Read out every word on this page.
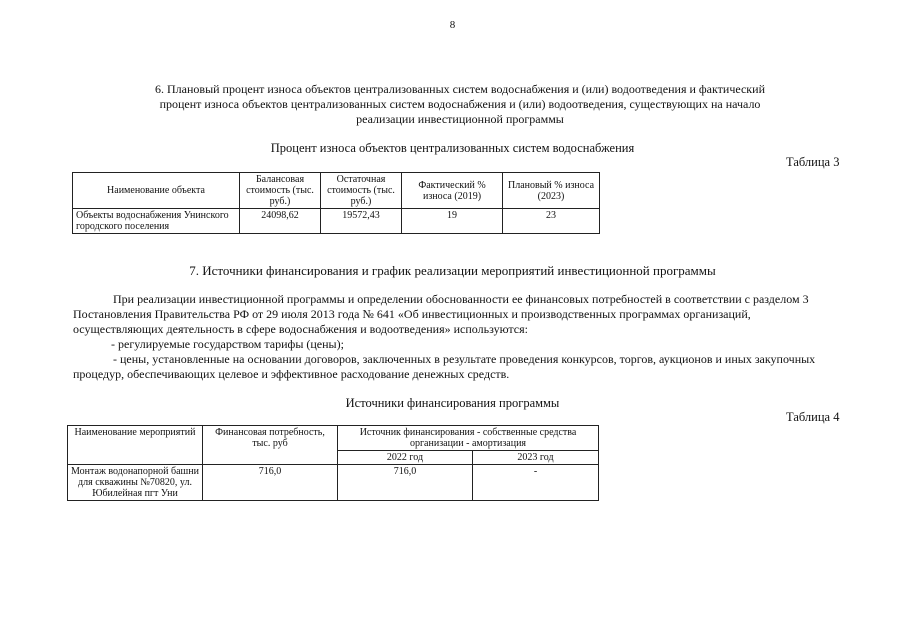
8
6. Плановый процент износа объектов централизованных систем водоснабжения и (или) водоотведения и фактический
процент износа объектов централизованных систем водоснабжения и (или) водоотведения, существующих на начало
реализации инвестиционной программы
Процент износа объектов централизованных систем водоснабжения
Таблица 3
Наименование объекта	Балансовая стоимость (тыс. руб.)	Остаточная стоимость (тыс. руб.)	Фактический % износа (2019)	Плановый % износа (2023)
Объекты водоснабжения Унинского городского поселения	24098,62	19572,43	19	23
7. Источники финансирования и график реализации мероприятий инвестиционной программы

При реализации инвестиционной программы и определении обоснованности ее финансовых потребностей в соответствии с разделом 3 Постановления Правительства РФ от 29 июля 2013 года № 641 «Об инвестиционных и производственных программах организаций, осуществляющих деятельность в сфере водоснабжения и водоотведения» используются:

- регулируемые государством тарифы (цены);

- цены, установленные на основании договоров, заключенных в результате проведения конкурсов, торгов, аукционов и иных закупочных процедур, обеспечивающих целевое и эффективное расходование денежных средств.

Источники финансирования программы
Таблица 4
Наименование мероприятий	Финансовая потребность, тыс. руб	Источник финансирования - собственные средства организации - амортизация	
		2022 год	2023 год
Монтаж водонапорной башни для скважины №70820, ул. Юбилейная пгт Уни	716,0	716,0	-
